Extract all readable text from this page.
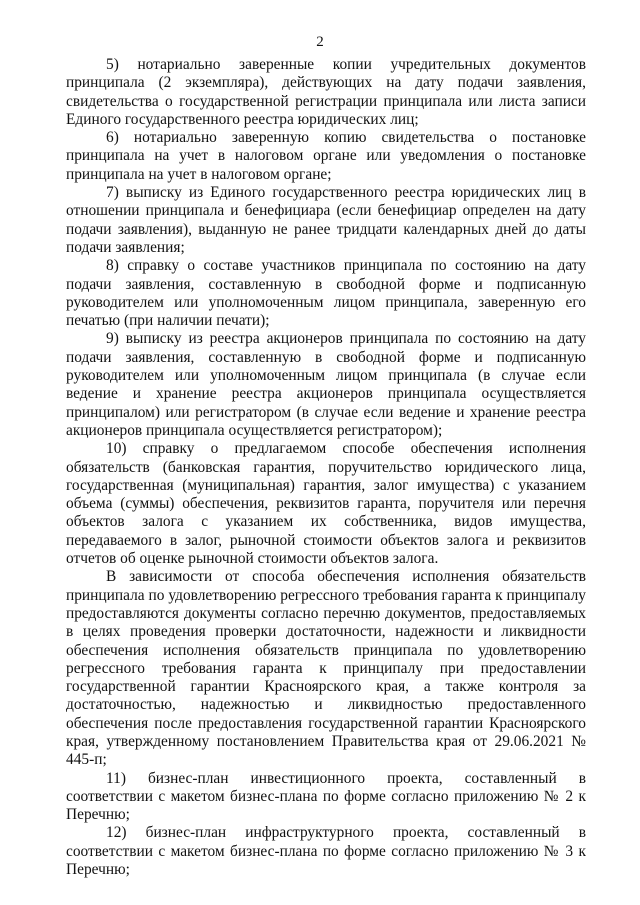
2

5) нотариально заверенные копии учредительных документов принципала (2 экземпляра), действующих на дату подачи заявления, свидетельства о государственной регистрации принципала или листа записи Единого государственного реестра юридических лиц;

6) нотариально заверенную копию свидетельства о постановке принципала на учет в налоговом органе или уведомления о постановке принципала на учет в налоговом органе;

7) выписку из Единого государственного реестра юридических лиц в отношении принципала и бенефициара (если бенефициар определен на дату подачи заявления), выданную не ранее тридцати календарных дней до даты подачи заявления;

8) справку о составе участников принципала по состоянию на дату подачи заявления, составленную в свободной форме и подписанную руководителем или уполномоченным лицом принципала, заверенную его печатью (при наличии печати);

9) выписку из реестра акционеров принципала по состоянию на дату подачи заявления, составленную в свободной форме и подписанную руководителем или уполномоченным лицом принципала (в случае если ведение и хранение реестра акционеров принципала осуществляется принципалом) или регистратором (в случае если ведение и хранение реестра акционеров принципала осуществляется регистратором);

10) справку о предлагаемом способе обеспечения исполнения обязательств (банковская гарантия, поручительство юридического лица, государственная (муниципальная) гарантия, залог имущества) с указанием объема (суммы) обеспечения, реквизитов гаранта, поручителя или перечня объектов залога с указанием их собственника, видов имущества, передаваемого в залог, рыночной стоимости объектов залога и реквизитов отчетов об оценке рыночной стоимости объектов залога.

В зависимости от способа обеспечения исполнения обязательств принципала по удовлетворению регрессного требования гаранта к принципалу предоставляются документы согласно перечню документов, предоставляемых в целях проведения проверки достаточности, надежности и ликвидности обеспечения исполнения обязательств принципала по удовлетворению регрессного требования гаранта к принципалу при предоставлении государственной гарантии Красноярского края, а также контроля за достаточностью, надежностью и ликвидностью предоставленного обеспечения после предоставления государственной гарантии Красноярского края, утвержденному постановлением Правительства края от 29.06.2021 № 445-п;

11) бизнес-план инвестиционного проекта, составленный в соответствии с макетом бизнес-плана по форме согласно приложению № 2 к Перечню;

12) бизнес-план инфраструктурного проекта, составленный в соответствии с макетом бизнес-плана по форме согласно приложению № 3 к Перечню;
